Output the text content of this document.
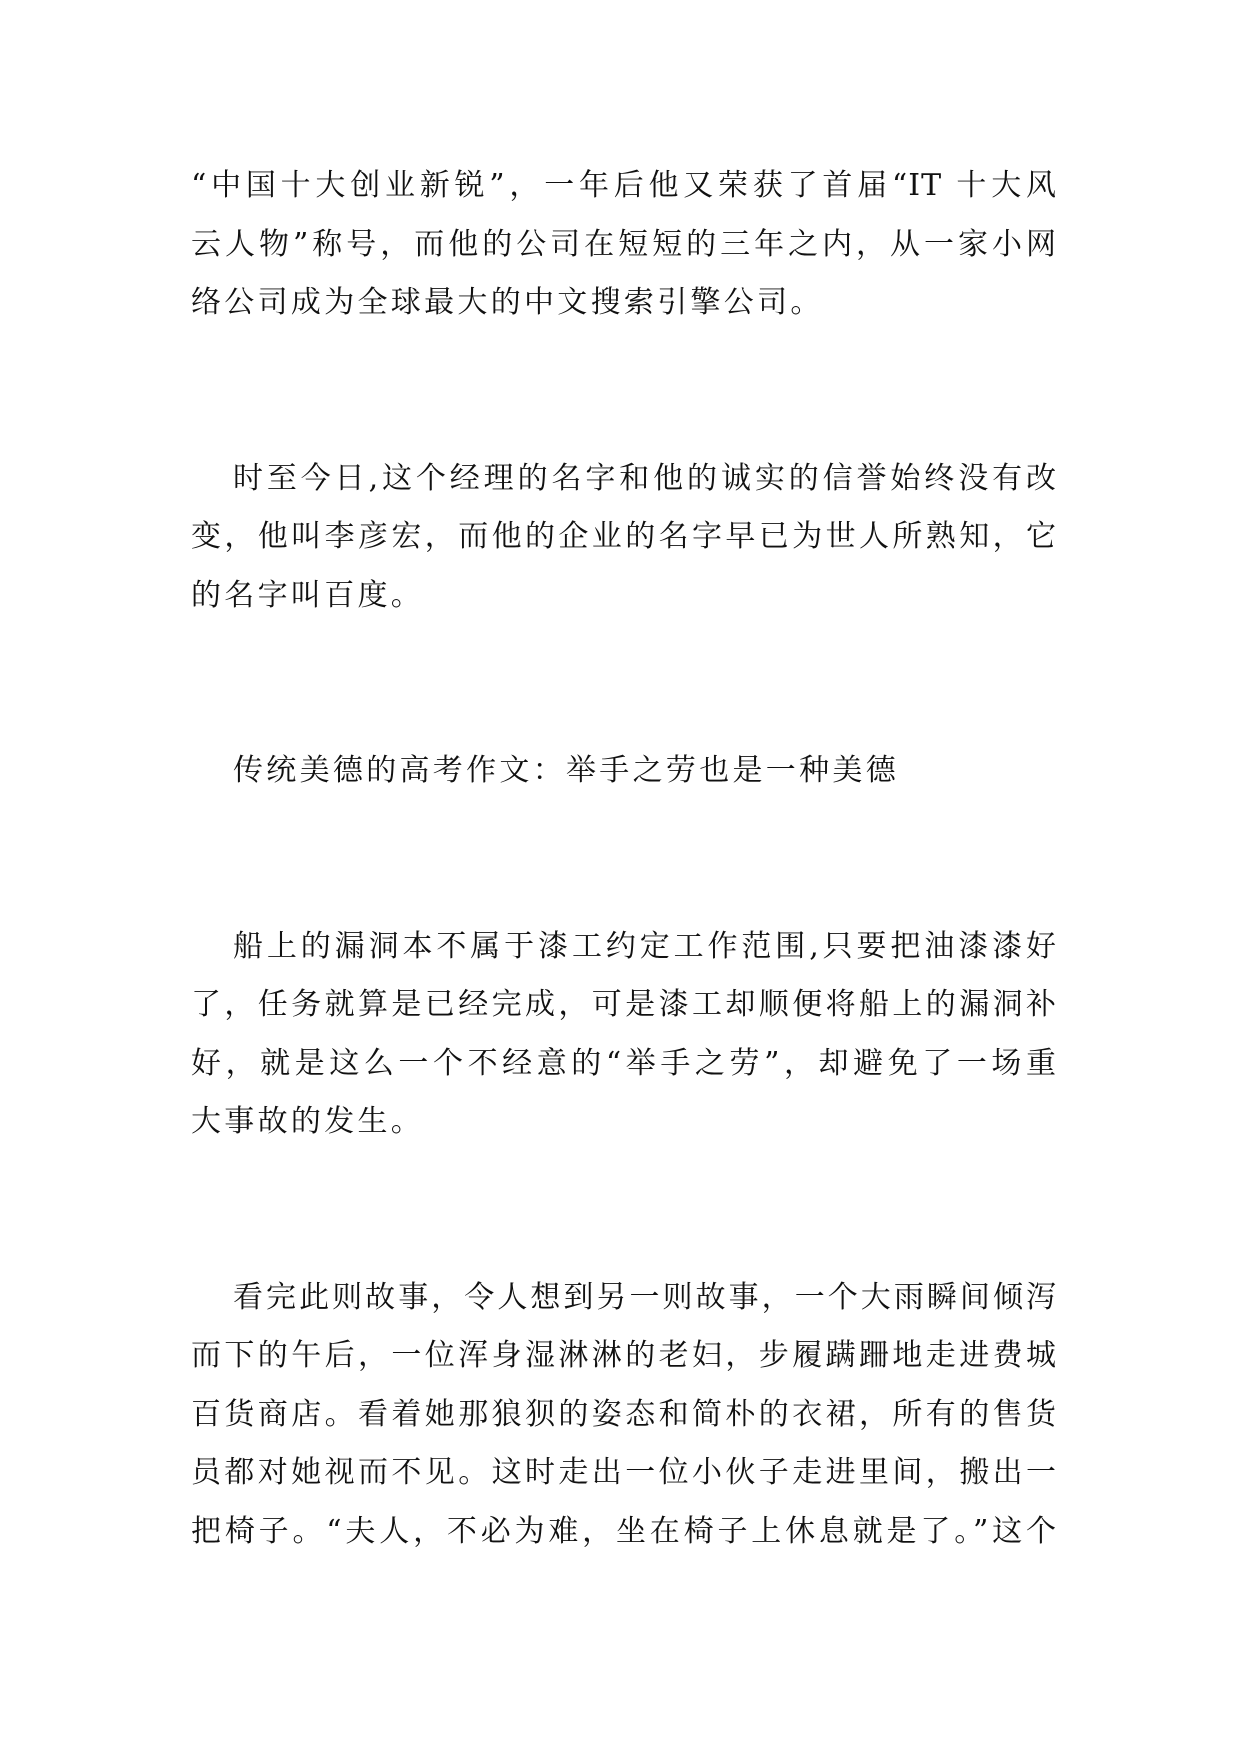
“中国十大创业新锐”，一年后他又荣获了首届“IT 十大风
云人物”称号，而他的公司在短短的三年之内，从一家小网
络公司成为全球最大的中文搜索引擎公司。
时至今日,这个经理的名字和他的诚实的信誉始终没有改
变，他叫李彦宏，而他的企业的名字早已为世人所熟知，它
的名字叫百度。
传统美德的高考作文：举手之劳也是一种美德
船上的漏洞本不属于漆工约定工作范围,只要把油漆漆好
了，任务就算是已经完成，可是漆工却顺便将船上的漏洞补
好，就是这么一个不经意的“举手之劳”，却避免了一场重
大事故的发生。
看完此则故事，令人想到另一则故事，一个大雨瞬间倾泻
而下的午后，一位浑身湿淋淋的老妇，步履蹒跚地走进费城
百货商店。看着她那狼狈的姿态和简朴的衣裙，所有的售货
员都对她视而不见。这时走出一位小伙子走进里间，搬出一
把椅子。“夫人，不必为难，坐在椅子上休息就是了。”这个
